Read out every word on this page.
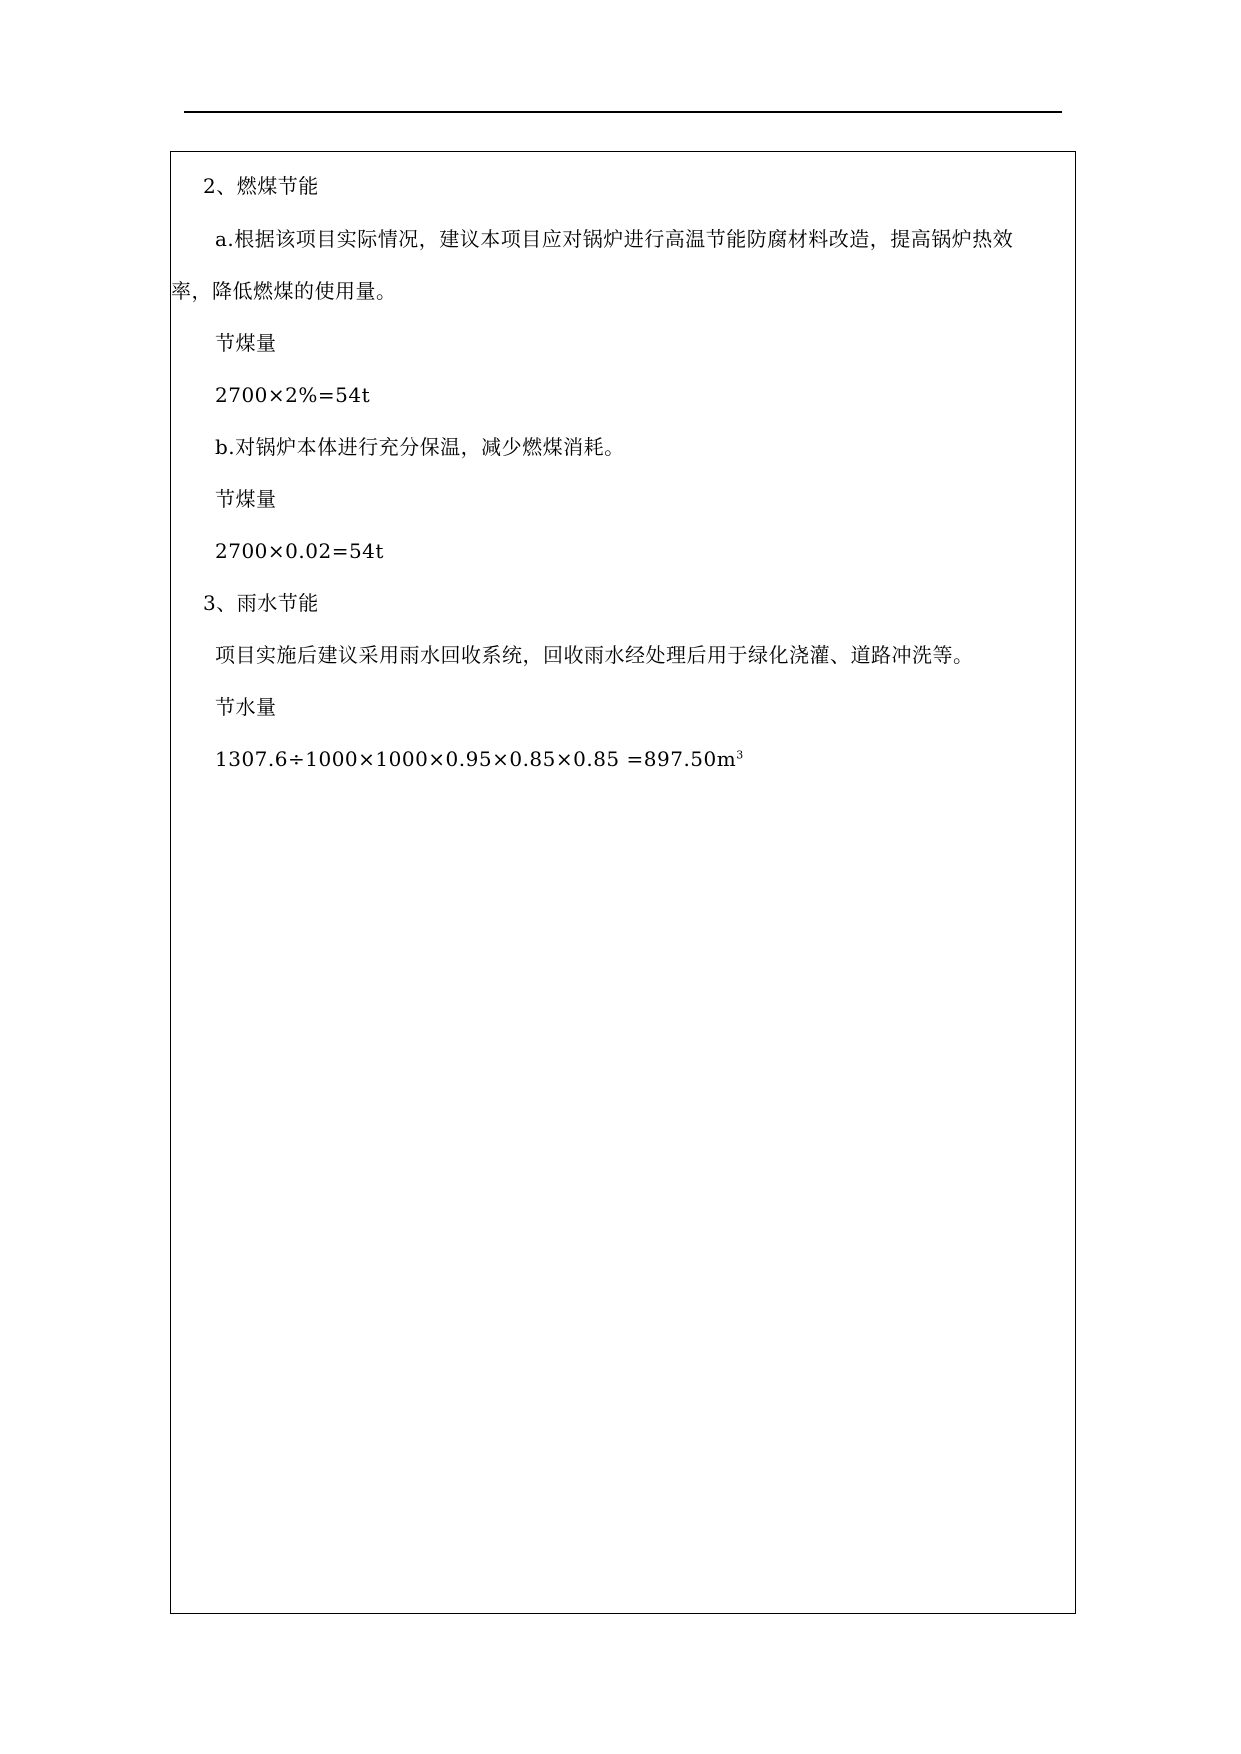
2、燃煤节能
a.根据该项目实际情况，建议本项目应对锅炉进行高温节能防腐材料改造，提高锅炉热效
率，降低燃煤的使用量。
节煤量
2700×2%=54t
b.对锅炉本体进行充分保温，减少燃煤消耗。
节煤量
2700×0.02=54t
3、雨水节能
项目实施后建议采用雨水回收系统，回收雨水经处理后用于绿化浇灌、道路冲洗等。
节水量
$1307.6\div 1000\times 1000\times 0.95\times 0.85\times 0.85 =897.50m^3$
